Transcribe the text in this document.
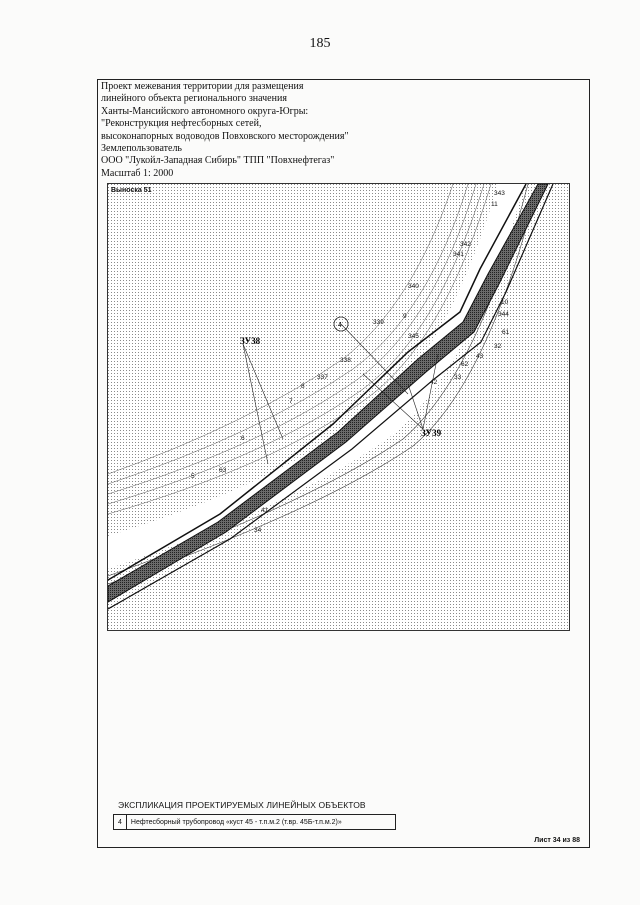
185
Проект межевания территории для размещения
линейного объекта регионального значения
Ханты-Мансийского автономного округа-Югры:
"Реконструкция нефтесборных сетей,
высоконапорных водоводов Повховского месторождения"
Землепользователь
ООО "Лукойл-Западная Сибирь" ТПП "Повхнефтегаз"
Масштаб 1: 2000
4
ЗУ38
ЗУ39
343
11
342
341
340
339
345
9
10
344
61
32
62
43
33
42
338
337
8
7
6
63
5
41
34
Выноска 51
ЭКСПЛИКАЦИЯ ПРОЕКТИРУЕМЫХ ЛИНЕЙНЫХ ОБЪЕКТОВ
4	Нефтесборный трубопровод «куст 45 - т.п.м.2 (т.вр. 45Б-т.п.м.2)»
Лист 34 из 88
